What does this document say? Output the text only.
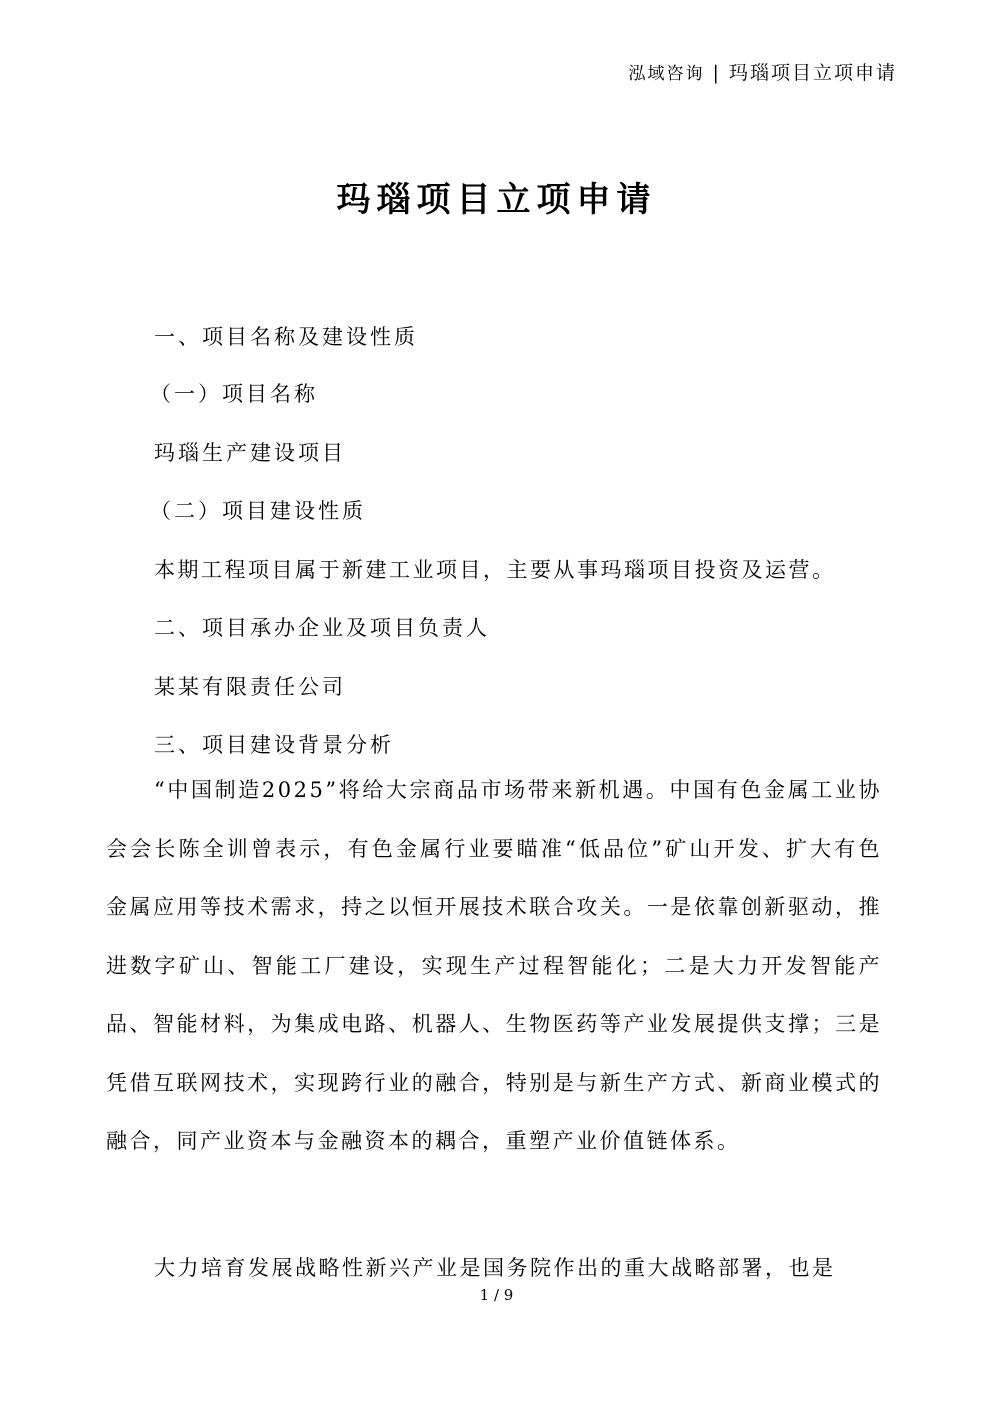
泓域咨询 | 玛瑙项目立项申请
玛瑙项目立项申请
一、项目名称及建设性质
（一）项目名称
玛瑙生产建设项目
（二）项目建设性质
本期工程项目属于新建工业项目，主要从事玛瑙项目投资及运营。
二、项目承办企业及项目负责人
某某有限责任公司
三、项目建设背景分析
“中国制造2025”将给大宗商品市场带来新机遇。中国有色金属工业协会会长陈全训曾表示，有色金属行业要瞄准“低品位”矿山开发、扩大有色金属应用等技术需求，持之以恒开展技术联合攻关。一是依靠创新驱动，推进数字矿山、智能工厂建设，实现生产过程智能化；二是大力开发智能产品、智能材料，为集成电路、机器人、生物医药等产业发展提供支撑；三是凭借互联网技术，实现跨行业的融合，特别是与新生产方式、新商业模式的融合，同产业资本与金融资本的耦合，重塑产业价值链体系。
大力培育发展战略性新兴产业是国务院作出的重大战略部署，也是
1 / 9
